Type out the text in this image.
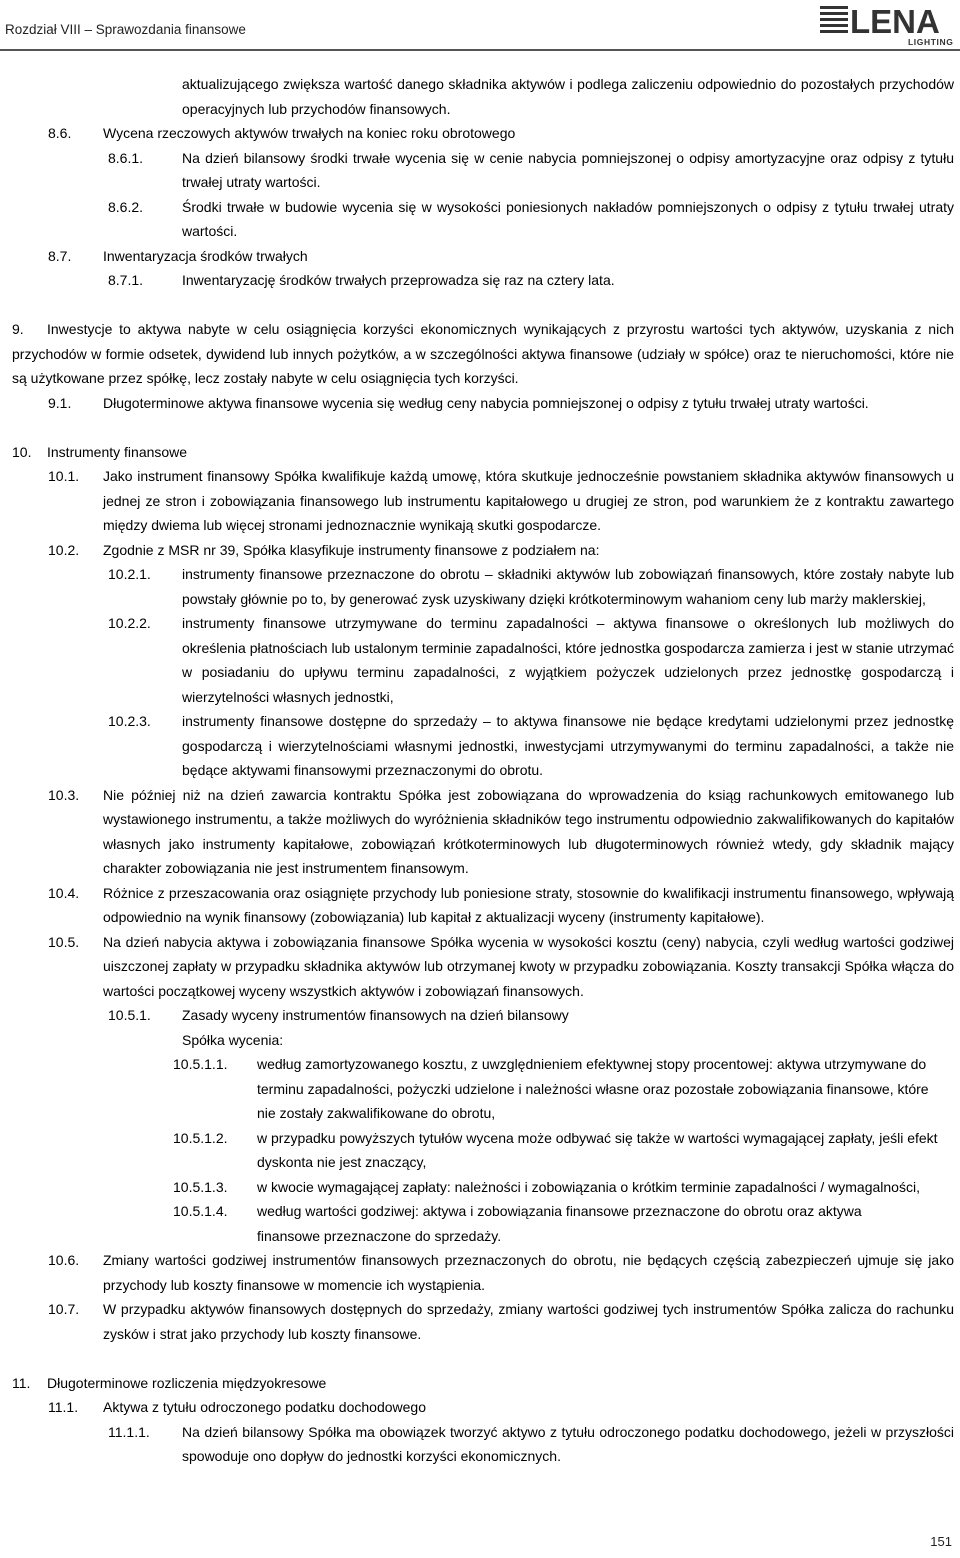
Rozdział VIII – Sprawozdania finansowe	LENA
LIGHTING
aktualizującego zwiększa wartość danego składnika aktywów i podlega zaliczeniu odpowiednio do pozostałych przychodów operacyjnych lub przychodów finansowych.
8.6. Wycena rzeczowych aktywów trwałych na koniec roku obrotowego
8.6.1.	Na dzień bilansowy środki trwałe wycenia się w cenie nabycia pomniejszonej o odpisy amortyzacyjne oraz odpisy z tytułu trwałej utraty wartości.
8.6.2.	Środki trwałe w budowie wycenia się w wysokości poniesionych nakładów pomniejszonych o odpisy z tytułu trwałej utraty wartości.
8.7. Inwentaryzacja środków trwałych
8.7.1.	Inwentaryzację środków trwałych przeprowadza się raz na cztery lata.
9. Inwestycje to aktywa nabyte w celu osiągnięcia korzyści ekonomicznych wynikających z przyrostu wartości tych aktywów, uzyskania z nich przychodów w formie odsetek, dywidend lub innych pożytków, a w szczególności aktywa finansowe (udziały w spółce) oraz te nieruchomości, które nie są użytkowane przez spółkę, lecz zostały nabyte w celu osiągnięcia tych korzyści.
9.1. Długoterminowe aktywa finansowe wycenia się według ceny nabycia pomniejszonej o odpisy z tytułu trwałej utraty wartości.
10. Instrumenty finansowe
10.1. Jako instrument finansowy Spółka kwalifikuje każdą umowę, która skutkuje jednocześnie powstaniem składnika aktywów finansowych u jednej ze stron i zobowiązania finansowego lub instrumentu kapitałowego u drugiej ze stron, pod warunkiem że z kontraktu zawartego między dwiema lub więcej stronami jednoznacznie wynikają skutki gospodarcze.
10.2. Zgodnie z MSR nr 39, Spółka klasyfikuje instrumenty finansowe z podziałem na:
10.2.1. instrumenty finansowe przeznaczone do obrotu – składniki aktywów lub zobowiązań finansowych, które zostały nabyte lub powstały głównie po to, by generować zysk uzyskiwany dzięki krótkoterminowym wahaniom ceny lub marży maklerskiej,
10.2.2. instrumenty finansowe utrzymywane do terminu zapadalności – aktywa finansowe o określonych lub możliwych do określenia płatnościach lub ustalonym terminie zapadalności, które jednostka gospodarcza zamierza i jest w stanie utrzymać w posiadaniu do upływu terminu zapadalności, z wyjątkiem pożyczek udzielonych przez jednostkę gospodarczą i wierzytelności własnych jednostki,
10.2.3. instrumenty finansowe dostępne do sprzedaży – to aktywa finansowe nie będące kredytami udzielonymi przez jednostkę gospodarczą i wierzytelnościami własnymi jednostki, inwestycjami utrzymywanymi do terminu zapadalności, a także nie będące aktywami finansowymi przeznaczonymi do obrotu.
10.3. Nie później niż na dzień zawarcia kontraktu Spółka jest zobowiązana do wprowadzenia do ksiąg rachunkowych emitowanego lub wystawionego instrumentu, a także możliwych do wyróżnienia składników tego instrumentu odpowiednio zakwalifikowanych do kapitałów własnych jako instrumenty kapitałowe, zobowiązań krótkoterminowych lub długoterminowych również wtedy, gdy składnik mający charakter zobowiązania nie jest instrumentem finansowym.
10.4. Różnice z przeszacowania oraz osiągnięte przychody lub poniesione straty, stosownie do kwalifikacji instrumentu finansowego, wpływają odpowiednio na wynik finansowy (zobowiązania) lub kapitał z aktualizacji wyceny (instrumenty kapitałowe).
10.5. Na dzień nabycia aktywa i zobowiązania finansowe Spółka wycenia w wysokości kosztu (ceny) nabycia, czyli według wartości godziwej uiszczonej zapłaty w przypadku składnika aktywów lub otrzymanej kwoty w przypadku zobowiązania. Koszty transakcji Spółka włącza do wartości początkowej wyceny wszystkich aktywów i zobowiązań finansowych.
10.5.1. Zasady wyceny instrumentów finansowych na dzień bilansowy
Spółka wycenia:
10.5.1.1. według zamortyzowanego kosztu, z uwzględnieniem efektywnej stopy procentowej: aktywa utrzymywane do terminu zapadalności, pożyczki udzielone i należności własne oraz pozostałe zobowiązania finansowe, które nie zostały zakwalifikowane do obrotu,
10.5.1.2. w przypadku powyższych tytułów wycena może odbywać się także w wartości wymagającej zapłaty, jeśli efekt dyskonta nie jest znaczący,
10.5.1.3. w kwocie wymagającej zapłaty: należności i zobowiązania o krótkim terminie zapadalności / wymagalności,
10.5.1.4. według wartości godziwej: aktywa i zobowiązania finansowe przeznaczone do obrotu oraz aktywa finansowe przeznaczone do sprzedaży.
10.6. Zmiany wartości godziwej instrumentów finansowych przeznaczonych do obrotu, nie będących częścią zabezpieczeń ujmuje się jako przychody lub koszty finansowe w momencie ich wystąpienia.
10.7. W przypadku aktywów finansowych dostępnych do sprzedaży, zmiany wartości godziwej tych instrumentów Spółka zalicza do rachunku zysków i strat jako przychody lub koszty finansowe.
11. Długoterminowe rozliczenia międzyokresowe
11.1. Aktywa z tytułu odroczonego podatku dochodowego
11.1.1. Na dzień bilansowy Spółka ma obowiązek tworzyć aktywo z tytułu odroczonego podatku dochodowego, jeżeli w przyszłości spowoduje ono dopływ do jednostki korzyści ekonomicznych.
151
